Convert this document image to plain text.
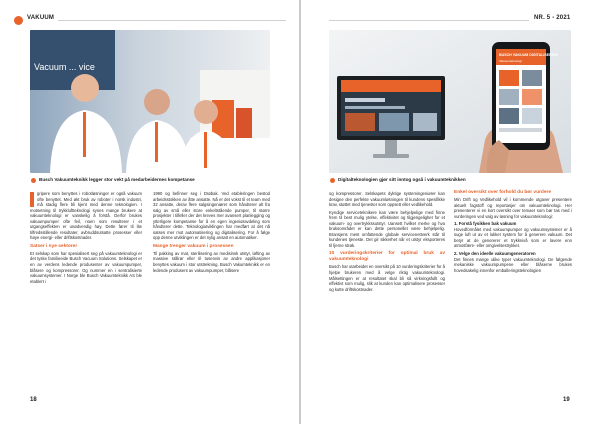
VAKUUM
Vacuum ... vice
Busch Vakuumteknikk legger stor vekt på medarbeidernes kompetanse

gripere som benyttes i robotløsninger er også vakuum ofte benyttet. Med økt bruk av roboter i norsk industri, må stadig flere bli kjent med denne teknologien. I motsetning til trykkluftteknologi synes mange brukere at vakuumteknologi er vanskelig å forstå. Derfor brukes vakuumpumper ofte feil, noen som resulterer i et utgangseffekten er unødvendig høy. Dette fører til lite tilfredsstillende resultater, avbruddsutsatte prosesser eller høye energi- eller driftskostnader.

Satser i nye sektorer

Et selskap som har spesialisert seg på vakuumteknologi er det tyske familieeide Busch Vacuum Solutions. Selskapet er en av verdens ledende produsenter av vakuumpumper, blåsere og kompressorer. Og nummer en i sentralisierte vakuumsystemer. I Norge ble Busch Vakuumteknikk AS ble etablert i

1990 og befinner seg i Drøbak. Ved etableringen bestod arbeidsstokken av åtte ansatte. Nå er det vokst til et team med 32 ansatte, derav flere salgsingeniører som håndterer alt fra salg av små eller store enkeltstående pumper, til større prosjekter i tilfeller der det kreves mer avansert planlegging og ytterligere kompetanse for å en egen ingeniøravdeling som håndterer dette. Teknologiutviklingen har medført at det nå satses mer mot automatisering og digitalisering. For å følge opp denne utviklingen er det nylig ansatt en automatiker.

Mange trenger vakuum i prosessen

Til pakking av mat, sterilisering av medisinsk utstyr, løfting av massive stålrør eller til tusenvis av andre applikasjoner benyttes vakuum i stor utstrekning. Busch Vakumteknikk er en ledende produsent av vakuumpumper, blåsere

18
NR. 5 - 2021
BUSCH VAKUUM DIGITALISERING
Vakuumteknologi
Digitalteknologien gjør sitt inntog også i vakuumteknikken

og kompressorer. Selskapets dyktige systemingeniører kan designe den perfekte vakuumløsningen til kundens spesifikke krav, støttet med tjenester som oppsett eller vedlikehold.

Kyndige serviceteknikere kan være behjelpelige med finne frem til best mulig ytelse, effektivitet og tilgjengelighet for et vakuum- og overtrykkssutstyr. Uansett hvilket merke og hva bruksområdet er kan dette personellet være behjelpelig. Bransjens mest omfattende globale servicenettverk står til kundenes tjeneste. Det gir sikkerhet når et utstyr eksporteres til fjerne strøk.

10 vurderingskriterier for optimal bruk av vakuumteknologi

Busch har utarbeidet en oversikt på 10 vurderingskriterier for å hjelpe brukeren med å velge riktig vakuumteknologi. Målsettingen er at resultatet skal bli så virkningsfullt og effektivt som mulig, slik at kunden kan optimalisere prosesser og kutte driftskostnader.

Enkel oversikt over forhold du bør vurdere

Min Drift og Vedlikehold vil i kommende utgaver presentere aktuelt fagstoff og reportasjer om vakuumteknologi. Her presenterer vi en kort oversikt over temaer som bør tas med i vurderingen ved valg av løsning for vakuumteknologi:

1. Forstå fysikken bak vakuum

Hovedformålet med vakuumpumper og vakuumsystemer er å suge luft ut av et lukket system for å generere vakuum. Det betyr at de genererer et trykknivå som er lavere enn atmosfære- eller omgivelsestrykket.

2. Velge den ideelle vakuumgeneratoren

Det finnes mange ulike typer vakuumteknologi. De følgende mekaniske vakuumpumpene eller blåserne brukes hovedsakelig innenfor emballeringsteknologien

19
